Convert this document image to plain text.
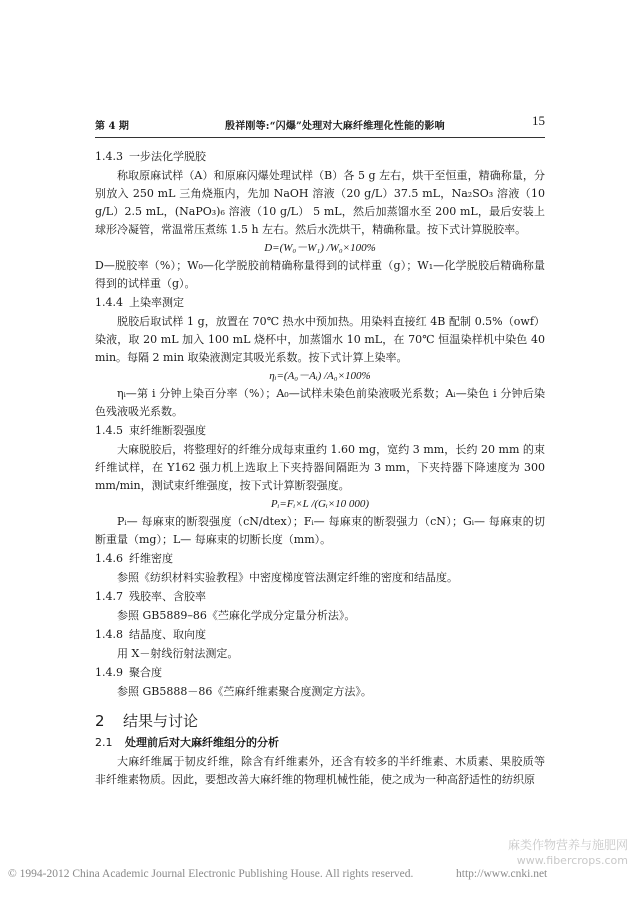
第 4 期	殷祥刚等:“闪爆”处理对大麻纤维理化性能的影响	15
1.4.3 一步法化学脱胶

称取原麻试样（A）和原麻闪爆处理试样（B）各 5 g 左右，烘干至恒重，精确称量，分别放入 250 mL 三角烧瓶内，先加 NaOH 溶液（20 g/L）37.5 mL，Na₂SO₃ 溶液（10 g/L）2.5 mL，(NaPO₃)₆ 溶液（10 g/L） 5 mL，然后加蒸馏水至 200 mL，最后安装上球形冷凝管，常温常压煮练 1.5 h 左右。然后水洗烘干，精确称量。按下式计算脱胶率。

D=(W₀－W₁) /W₀×100%

D—脱胶率（%）；W₀—化学脱胶前精确称量得到的试样重（g）；W₁—化学脱胶后精确称量得到的试样重（g）。

1.4.4 上染率测定

脱胶后取试样 1 g，放置在 70℃ 热水中预加热。用染料直接红 4B 配制 0.5%（owf）染液，取 20 mL 加入 100 mL 烧杯中，加蒸馏水 10 mL，在 70℃ 恒温染样机中染色 40 min。每隔 2 min 取染液测定其吸光系数。按下式计算上染率。

ηᵢ=(A₀－Aᵢ) /A₀×100%

ηᵢ—第 i 分钟上染百分率（%）；A₀—试样未染色前染液吸光系数；Aᵢ—染色 i 分钟后染色残液吸光系数。

1.4.5 束纤维断裂强度

大麻脱胶后，将整理好的纤维分成每束重约 1.60 mg，宽约 3 mm，长约 20 mm 的束纤维试样，在 Y162 强力机上选取上下夹持器间隔距为 3 mm，下夹持器下降速度为 300 mm/min，测试束纤维强度，按下式计算断裂强度。

Pᵢ=Fᵢ×L /(Gᵢ×10 000)

Pᵢ— 每麻束的断裂强度（cN/dtex）；Fᵢ— 每麻束的断裂强力（cN）；Gᵢ— 每麻束的切断重量（mg）；L— 每麻束的切断长度（mm）。

1.4.6 纤维密度

参照《纺织材料实验教程》中密度梯度管法测定纤维的密度和结晶度。

1.4.7 残胶率、含胶率

参照 GB5889–86《苎麻化学成分定量分析法》。

1.4.8 结晶度、取向度

用 X－射线衍射法测定。

1.4.9 聚合度

参照 GB5888－86《苎麻纤维素聚合度测定方法》。

2 结果与讨论
2.1 处理前后对大麻纤维组分的分析

大麻纤维属于韧皮纤维，除含有纤维素外，还含有较多的半纤维素、木质素、果胶质等非纤维素物质。因此，要想改善大麻纤维的物理机械性能，使之成为一种高舒适性的纺织原

© 1994-2012 China Academic Journal Electronic Publishing House. All rights reserved.	http://www.cnki.net
麻类作物营养与施肥网
www.fibercrops.com
